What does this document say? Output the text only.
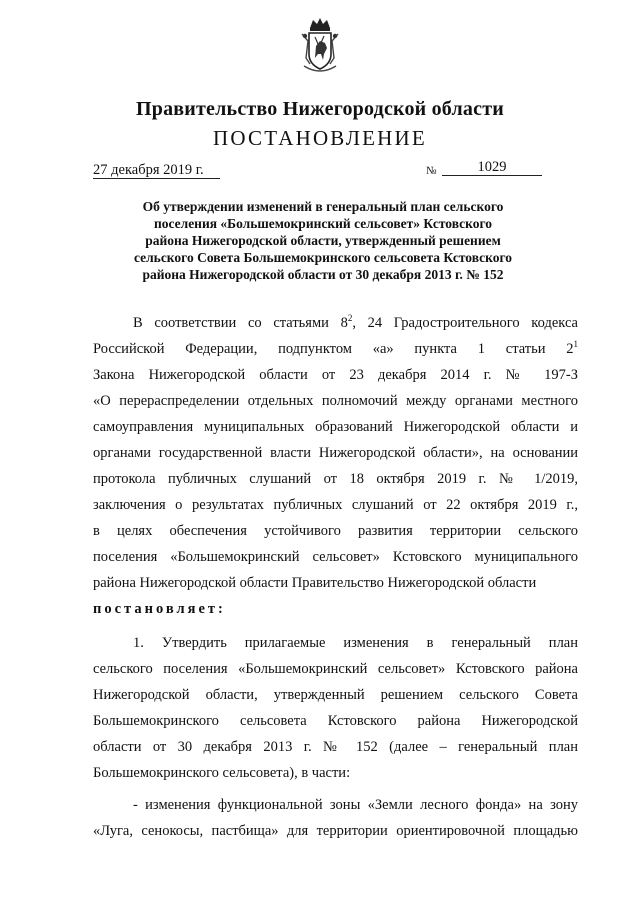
Правительство Нижегородской области
ПОСТАНОВЛЕНИЕ
27 декабря 2019 г.	№	1029
Об утверждении изменений в генеральный план сельского
поселения «Большемокринский сельсовет» Кстовского
района Нижегородской области, утвержденный решением
сельского Совета Большемокринского сельсовета Кстовского
района Нижегородской области от 30 декабря 2013 г. № 152
В соответствии со статьями $8^2$, 24 Градостроительного кодекса
Российской Федерации, подпунктом «а» пункта 1 статьи $2^1$
Закона Нижегородской области от 23 декабря 2014 г. № 197-З
«О перераспределении отдельных полномочий между органами местного
самоуправления муниципальных образований Нижегородской области и
органами государственной власти Нижегородской области», на основании
протокола публичных слушаний от 18 октября 2019 г. № 1/2019,
заключения о результатах публичных слушаний от 22 октября 2019 г.,
в целях обеспечения устойчивого развития территории сельского
поселения «Большемокринский сельсовет» Кстовского муниципального
района Нижегородской области Правительство Нижегородской области
постановляет:
1. Утвердить прилагаемые изменения в генеральный план
сельского поселения «Большемокринский сельсовет» Кстовского района
Нижегородской области, утвержденный решением сельского Совета
Большемокринского сельсовета Кстовского района Нижегородской
области от 30 декабря 2013 г. № 152 (далее – генеральный план
Большемокринского сельсовета), в части:
- изменения функциональной зоны «Земли лесного фонда» на зону
«Луга, сенокосы, пастбища» для территории ориентировочной площадью
